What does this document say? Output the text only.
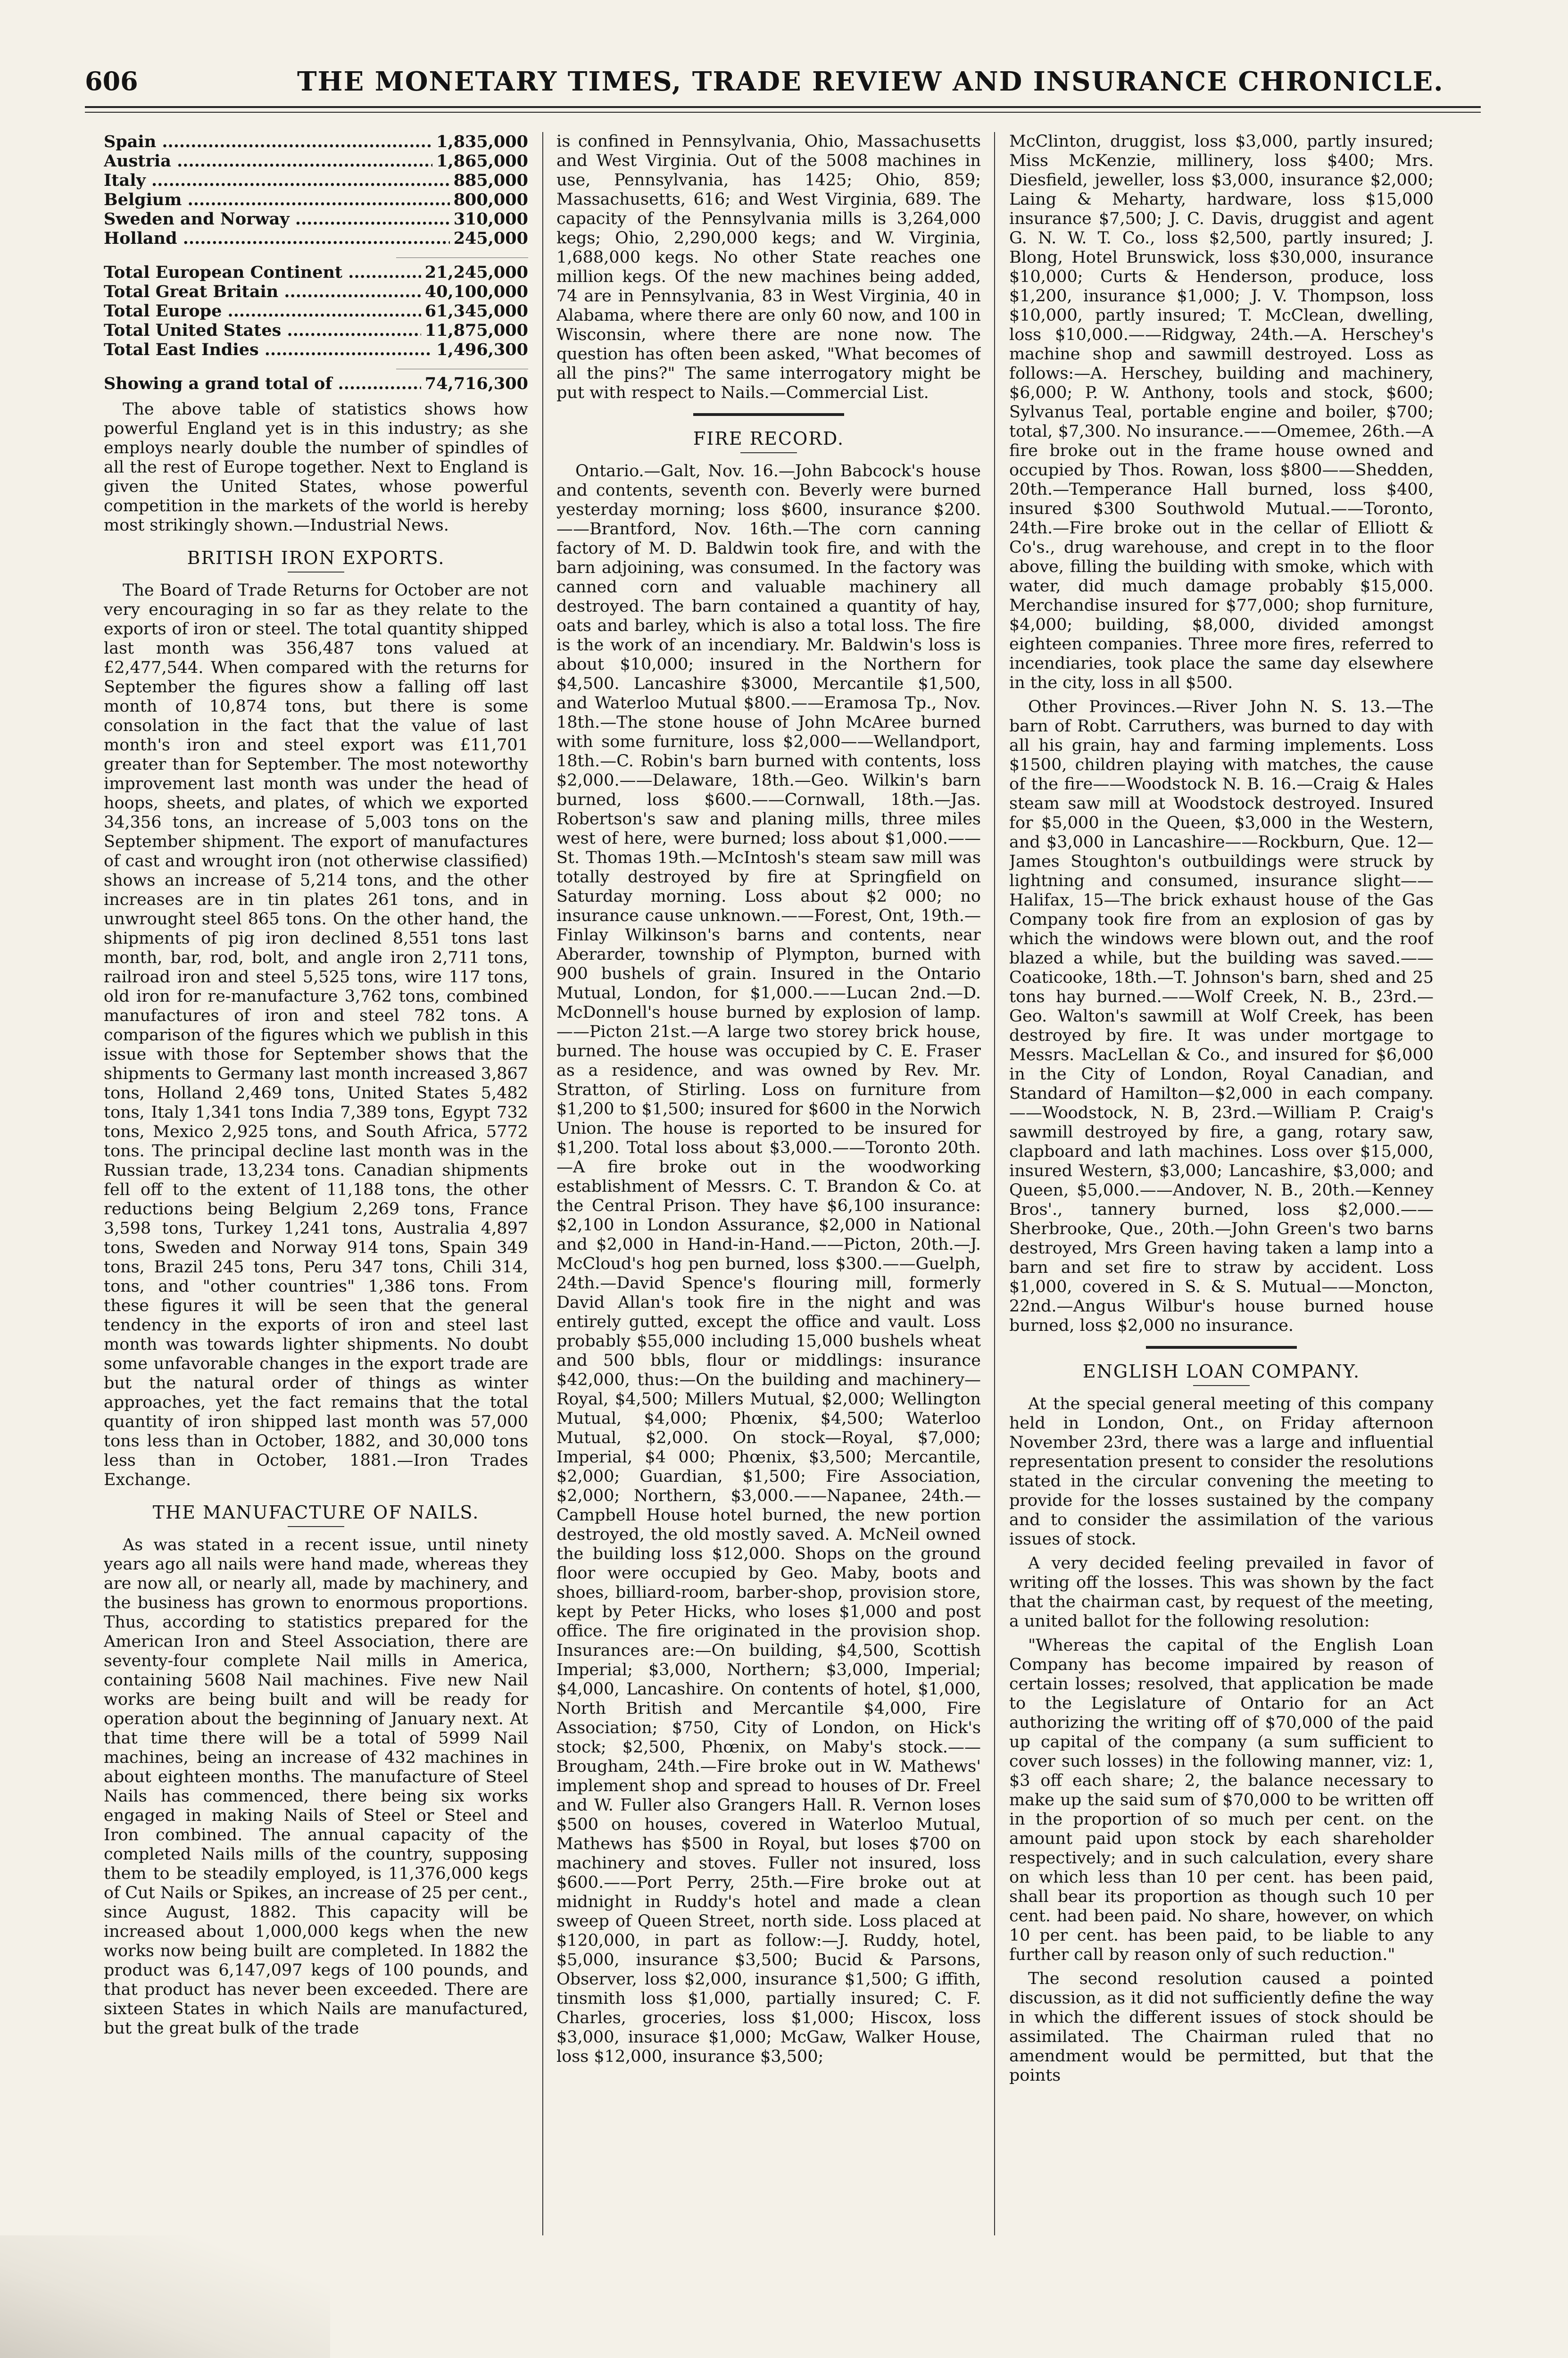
606	THE MONETARY TIMES, TRADE REVIEW AND INSURANCE CHRONICLE.
Spain .....	1,835,000
Austria .....	1,865,000
Italy .....	885,000
Belgium .....	800,000
Sweden and Norway .....	310,000
Holland .....	245,000
Total European Continent .....	21,245,000
Total Great Britain .....	40,100,000
Total Europe .....	61,345,000
Total United States .....	11,875,000
Total East Indies .....	1,496,300
Showing a grand total of .....	74,716,300

The above table of statistics shows how powerful England yet is in this industry; as she employs nearly double the number of spindles of all the rest of Europe together. Next to England is given the United States, whose powerful competition in the markets of the world is hereby most strikingly shown.—Industrial News.

BRITISH IRON EXPORTS.

The Board of Trade Returns for October are not very encouraging in so far as they relate to the exports of iron or steel. The total quantity shipped last month was 356,487 tons valued at £2,477,544. When compared with the returns for September the figures show a falling off last month of 10,874 tons, but there is some consolation in the fact that the value of last month's iron and steel export was £11,701 greater than for September. The most noteworthy improvement last month was under the head of hoops, sheets, and plates, of which we exported 34,356 tons, an increase of 5,003 tons on the September shipment. The export of manufactures of cast and wrought iron (not otherwise classified) shows an increase of 5,214 tons, and the other increases are in tin plates 261 tons, and in unwrought steel 865 tons. On the other hand, the shipments of pig iron declined 8,551 tons last month, bar, rod, bolt, and angle iron 2,711 tons, railroad iron and steel 5,525 tons, wire 117 tons, old iron for re-manufacture 3,762 tons, combined manufactures of iron and steel 782 tons. A comparison of the figures which we publish in this issue with those for September shows that the shipments to Germany last month increased 3,867 tons, Holland 2,469 tons, United States 5,482 tons, Italy 1,341 tons India 7,389 tons, Egypt 732 tons, Mexico 2,925 tons, and South Africa, 5772 tons. The principal decline last month was in the Russian trade, 13,234 tons. Canadian shipments fell off to the extent of 11,188 tons, the other reductions being Belgium 2,269 tons, France 3,598 tons, Turkey 1,241 tons, Australia 4,897 tons, Sweden and Norway 914 tons, Spain 349 tons, Brazil 245 tons, Peru 347 tons, Chili 314, tons, and "other countries" 1,386 tons. From these figures it will be seen that the general tendency in the exports of iron and steel last month was towards lighter shipments. No doubt some unfavorable changes in the export trade are but the natural order of things as winter approaches, yet the fact remains that the total quantity of iron shipped last month was 57,000 tons less than in October, 1882, and 30,000 tons less than in October, 1881.—Iron Trades Exchange.

THE MANUFACTURE OF NAILS.

As was stated in a recent issue, until ninety years ago all nails were hand made, whereas they are now all, or nearly all, made by machinery, and the business has grown to enormous proportions. Thus, according to statistics prepared for the American Iron and Steel Association, there are seventy-four complete Nail mills in America, containing 5608 Nail machines. Five new Nail works are being built and will be ready for operation about the beginning of January next. At that time there will be a total of 5999 Nail machines, being an increase of 432 machines in about eighteen months. The manufacture of Steel Nails has commenced, there being six works engaged in making Nails of Steel or Steel and Iron combined. The annual capacity of the completed Nails mills of the country, supposing them to be steadily employed, is 11,376,000 kegs of Cut Nails or Spikes, an increase of 25 per cent., since August, 1882. This capacity will be increased about 1,000,000 kegs when the new works now being built are completed. In 1882 the product was 6,147,097 kegs of 100 pounds, and that product has never been exceeded. There are sixteen States in which Nails are manufactured, but the great bulk of the trade

is confined in Pennsylvania, Ohio, Massachusetts and West Virginia. Out of the 5008 machines in use, Pennsylvania, has 1425; Ohio, 859; Massachusetts, 616; and West Virginia, 689. The capacity of the Pennsylvania mills is 3,264,000 kegs; Ohio, 2,290,000 kegs; and W. Virginia, 1,688,000 kegs. No other State reaches one million kegs. Of the new machines being added, 74 are in Pennsylvania, 83 in West Virginia, 40 in Alabama, where there are only 60 now, and 100 in Wisconsin, where there are none now. The question has often been asked, "What becomes of all the pins?" The same interrogatory might be put with respect to Nails.—Commercial List.

FIRE RECORD.

Ontario.—Galt, Nov. 16.—John Babcock's house and contents, seventh con. Beverly were burned yesterday morning; loss $600, insurance $200.——Brantford, Nov. 16th.—The corn canning factory of M. D. Baldwin took fire, and with the barn adjoining, was consumed. In the factory was canned corn and valuable machinery all destroyed. The barn contained a quantity of hay, oats and barley, which is also a total loss. The fire is the work of an incendiary. Mr. Baldwin's loss is about $10,000; insured in the Northern for $4,500. Lancashire $3000, Mercantile $1,500, and Waterloo Mutual $800.——Eramosa Tp., Nov. 18th.—The stone house of John McAree burned with some furniture, loss $2,000——Wellandport, 18th.—C. Robin's barn burned with contents, loss $2,000.——Delaware, 18th.—Geo. Wilkin's barn burned, loss $600.——Cornwall, 18th.—Jas. Robertson's saw and planing mills, three miles west of here, were burned; loss about $1,000.——St. Thomas 19th.—McIntosh's steam saw mill was totally destroyed by fire at Springfield on Saturday morning. Loss about $2 000; no insurance cause unknown.——Forest, Ont, 19th.—Finlay Wilkinson's barns and contents, near Aberarder, township of Plympton, burned with 900 bushels of grain. Insured in the Ontario Mutual, London, for $1,000.——Lucan 2nd.—D. McDonnell's house burned by explosion of lamp.——Picton 21st.—A large two storey brick house, burned. The house was occupied by C. E. Fraser as a residence, and was owned by Rev. Mr. Stratton, of Stirling. Loss on furniture from $1,200 to $1,500; insured for $600 in the Norwich Union. The house is reported to be insured for $1,200. Total loss about $3,000.——Toronto 20th.—A fire broke out in the woodworking establishment of Messrs. C. T. Brandon & Co. at the Central Prison. They have $6,100 insurance: $2,100 in London Assurance, $2,000 in National and $2,000 in Hand-in-Hand.——Picton, 20th.—J. McCloud's hog pen burned, loss $300.——Guelph, 24th.—David Spence's flouring mill, formerly David Allan's took fire in the night and was entirely gutted, except the office and vault. Loss probably $55,000 including 15,000 bushels wheat and 500 bbls, flour or middlings: insurance $42,000, thus:—On the building and machinery—Royal, $4,500; Millers Mutual, $2,000; Wellington Mutual, $4,000; Phœnix, $4,500; Waterloo Mutual, $2,000. On stock—Royal, $7,000; Imperial, $4 000; Phœnix, $3,500; Mercantile, $2,000; Guardian, $1,500; Fire Association, $2,000; Northern, $3,000.——Napanee, 24th.—Campbell House hotel burned, the new portion destroyed, the old mostly saved. A. McNeil owned the building loss $12,000. Shops on the ground floor were occupied by Geo. Maby, boots and shoes, billiard-room, barber-shop, provision store, kept by Peter Hicks, who loses $1,000 and post office. The fire originated in the provision shop. Insurances are:—On building, $4,500, Scottish Imperial; $3,000, Northern; $3,000, Imperial; $4,000, Lancashire. On contents of hotel, $1,000, North British and Mercantile $4,000, Fire Association; $750, City of London, on Hick's stock; $2,500, Phœnix, on Maby's stock.——Brougham, 24th.—Fire broke out in W. Mathews' implement shop and spread to houses of Dr. Freel and W. Fuller also Grangers Hall. R. Vernon loses $500 on houses, covered in Waterloo Mutual, Mathews has $500 in Royal, but loses $700 on machinery and stoves. Fuller not insured, loss $600.——Port Perry, 25th.—Fire broke out at midnight in Ruddy's hotel and made a clean sweep of Queen Street, north side. Loss placed at $120,000, in part as follow:—J. Ruddy, hotel, $5,000, insurance $3,500; Bucid & Parsons, Observer, loss $2,000, insurance $1,500; G iffith, tinsmith loss $1,000, partially insured; C. F. Charles, groceries, loss $1,000; Hiscox, loss $3,000, insurace $1,000; McGaw, Walker House, loss $12,000, insurance $3,500;

McClinton, druggist, loss $3,000, partly insured; Miss McKenzie, millinery, loss $400; Mrs. Diesfield, jeweller, loss $3,000, insurance $2,000; Laing & Meharty, hardware, loss $15,000 insurance $7,500; J. C. Davis, druggist and agent G. N. W. T. Co., loss $2,500, partly insured; J. Blong, Hotel Brunswick, loss $30,000, insurance $10,000; Curts & Henderson, produce, loss $1,200, insurance $1,000; J. V. Thompson, loss $10,000, partly insured; T. McClean, dwelling, loss $10,000.——Ridgway, 24th.—A. Herschey's machine shop and sawmill destroyed. Loss as follows:—A. Herschey, building and machinery, $6,000; P. W. Anthony, tools and stock, $600; Sylvanus Teal, portable engine and boiler, $700; total, $7,300. No insurance.——Omemee, 26th.—A fire broke out in the frame house owned and occupied by Thos. Rowan, loss $800——Shedden, 20th.—Temperance Hall burned, loss $400, insured $300 Southwold Mutual.——Toronto, 24th.—Fire broke out in the cellar of Elliott & Co's., drug warehouse, and crept in to the floor above, filling the building with smoke, which with water, did much damage probably $15,000. Merchandise insured for $77,000; shop furniture, $4,000; building, $8,000, divided amongst eighteen companies. Three more fires, referred to incendiaries, took place the same day elsewhere in the city, loss in all $500.

Other Provinces.—River John N. S. 13.—The barn of Robt. Carruthers, was burned to day with all his grain, hay and farming implements. Loss $1500, children playing with matches, the cause of the fire——Woodstock N. B. 16.—Craig & Hales steam saw mill at Woodstock destroyed. Insured for $5,000 in the Queen, $3,000 in the Western, and $3,000 in Lancashire——Rockburn, Que. 12—James Stoughton's outbuildings were struck by lightning and consumed, insurance slight——Halifax, 15—The brick exhaust house of the Gas Company took fire from an explosion of gas by which the windows were blown out, and the roof blazed a while, but the building was saved.——Coaticooke, 18th.—T. Johnson's barn, shed and 25 tons hay burned.——Wolf Creek, N. B., 23rd.—Geo. Walton's sawmill at Wolf Creek, has been destroyed by fire. It was under mortgage to Messrs. MacLellan & Co., and insured for $6,000 in the City of London, Royal Canadian, and Standard of Hamilton—$2,000 in each company.——Woodstock, N. B, 23rd.—William P. Craig's sawmill destroyed by fire, a gang, rotary saw, clapboard and lath machines. Loss over $15,000, insured Western, $3,000; Lancashire, $3,000; and Queen, $5,000.——Andover, N. B., 20th.—Kenney Bros'., tannery burned, loss $2,000.——Sherbrooke, Que., 20th.—John Green's two barns destroyed, Mrs Green having taken a lamp into a barn and set fire to straw by accident. Loss $1,000, covered in S. & S. Mutual——Moncton, 22nd.—Angus Wilbur's house burned house burned, loss $2,000 no insurance.

ENGLISH LOAN COMPANY.

At the special general meeting of this company held in London, Ont., on Friday afternoon November 23rd, there was a large and influential representation present to consider the resolutions stated in the circular convening the meeting to provide for the losses sustained by the company and to consider the assimilation of the various issues of stock.

A very decided feeling prevailed in favor of writing off the losses. This was shown by the fact that the chairman cast, by request of the meeting, a united ballot for the following resolution:

"Whereas the capital of the English Loan Company has become impaired by reason of certain losses; resolved, that application be made to the Legislature of Ontario for an Act authorizing the writing off of $70,000 of the paid up capital of the company (a sum sufficient to cover such losses) in the following manner, viz: 1, $3 off each share; 2, the balance necessary to make up the said sum of $70,000 to be written off in the proportion of so much per cent. on the amount paid upon stock by each shareholder respectively; and in such calculation, every share on which less than 10 per cent. has been paid, shall bear its proportion as though such 10 per cent. had been paid. No share, however, on which 10 per cent. has been paid, to be liable to any further call by reason only of such reduction."

The second resolution caused a pointed discussion, as it did not sufficiently define the way in which the different issues of stock should be assimilated. The Chairman ruled that no amendment would be permitted, but that the points
